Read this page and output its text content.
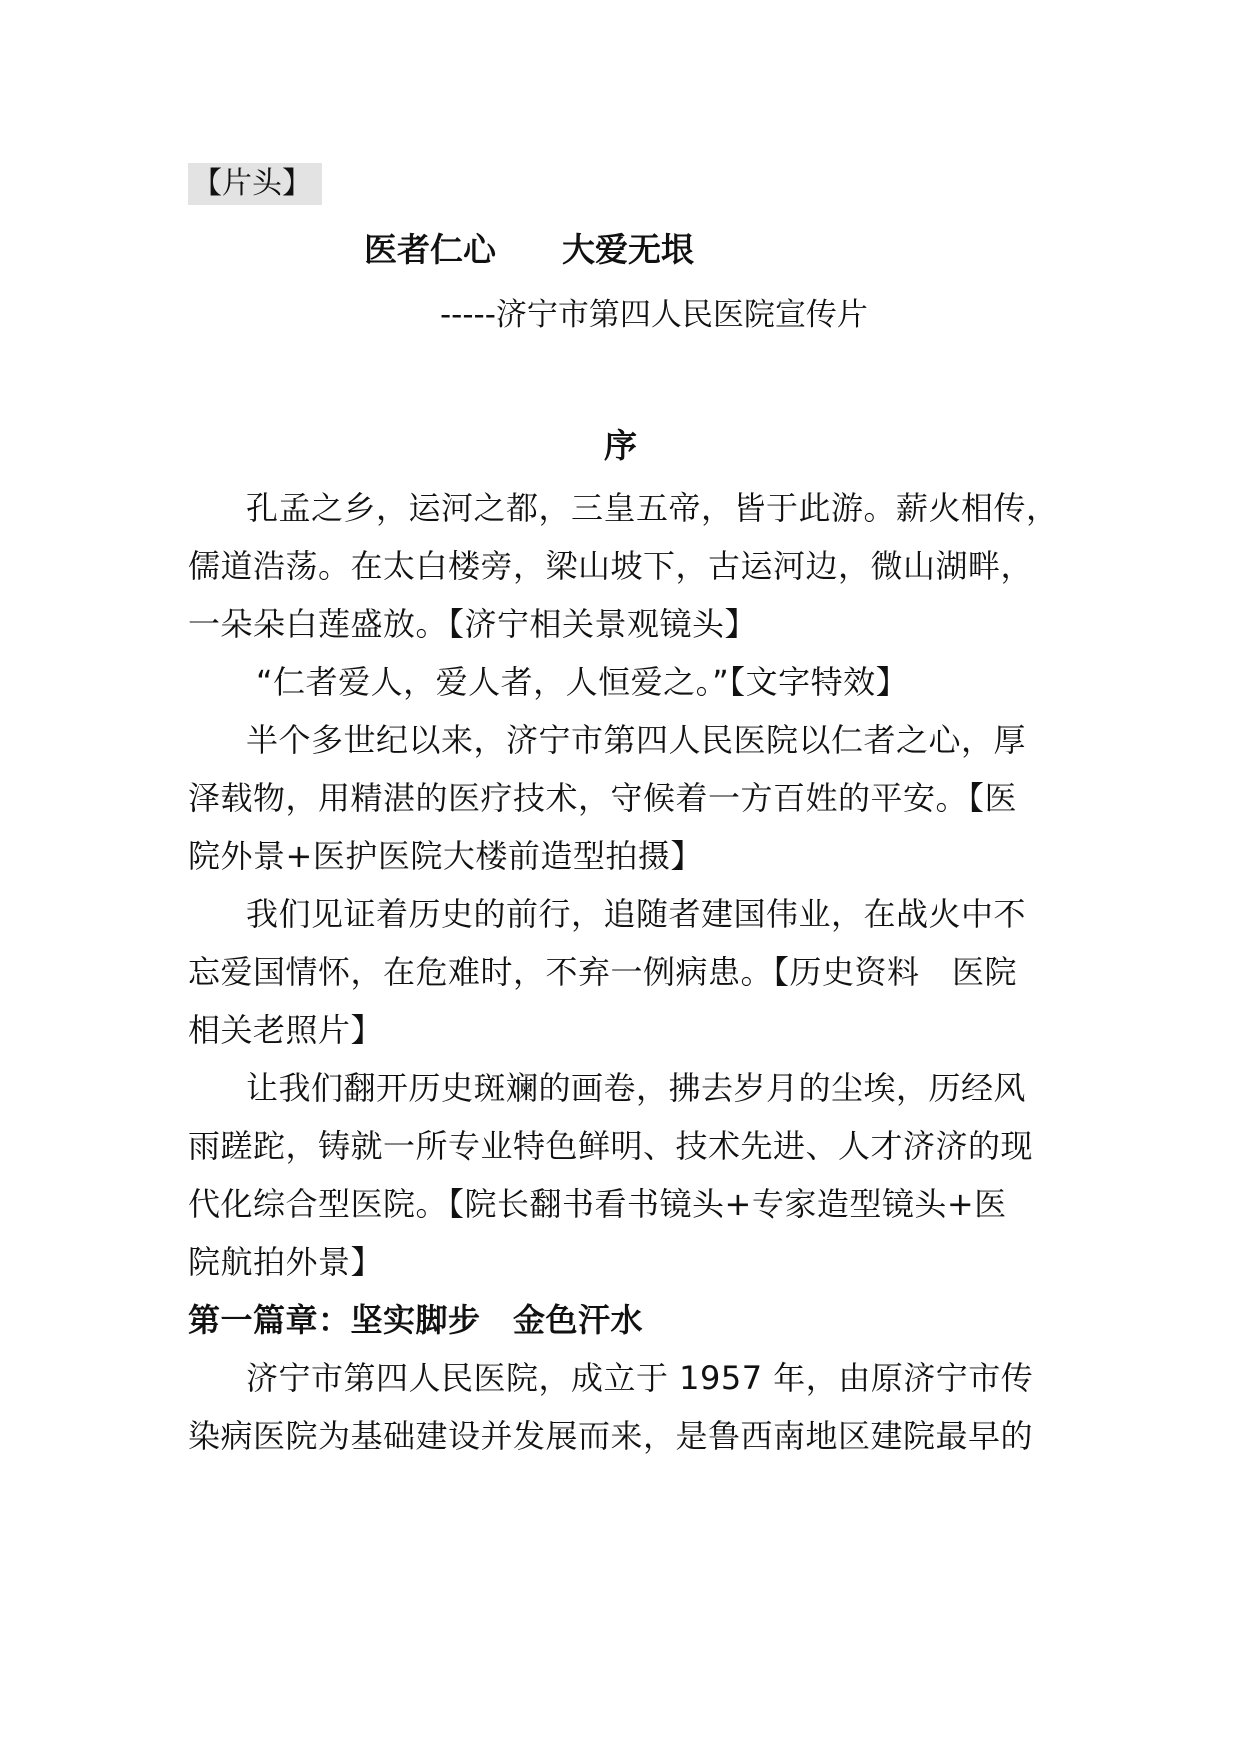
【片头】
医者仁心 大爱无垠
-----济宁市第四人民医院宣传片
序
孔孟之乡，运河之都，三皇五帝，皆于此游。薪火相传，
儒道浩荡。在太白楼旁，梁山坡下，古运河边，微山湖畔，
一朵朵白莲盛放。【济宁相关景观镜头】
“仁者爱人，爱人者，人恒爱之。”【文字特效】
半个多世纪以来，济宁市第四人民医院以仁者之心，厚
泽载物，用精湛的医疗技术，守候着一方百姓的平安。【医
院外景+医护医院大楼前造型拍摄】
我们见证着历史的前行，追随者建国伟业，在战火中不
忘爱国情怀，在危难时，不弃一例病患。【历史资料　医院
相关老照片】
让我们翻开历史斑斓的画卷，拂去岁月的尘埃，历经风
雨蹉跎，铸就一所专业特色鲜明、技术先进、人才济济的现
代化综合型医院。【院长翻书看书镜头+专家造型镜头+医
院航拍外景】
第一篇章：坚实脚步　金色汗水
济宁市第四人民医院，成立于 1957 年，由原济宁市传
染病医院为基础建设并发展而来，是鲁西南地区建院最早的
